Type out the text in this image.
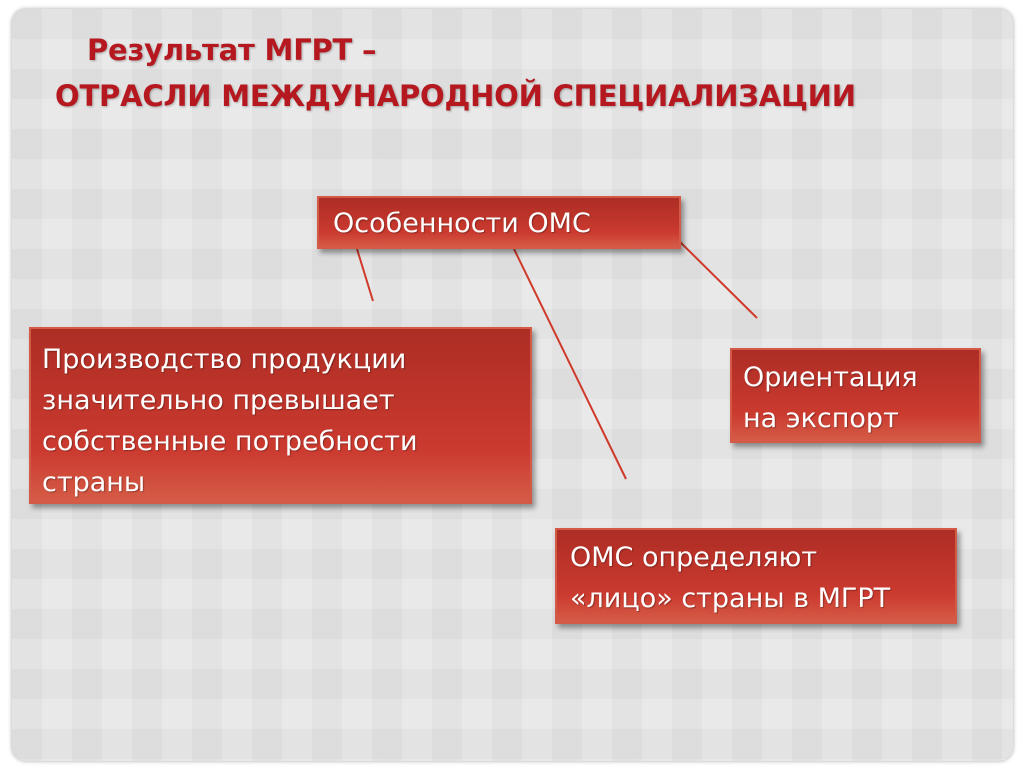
Результат МГРТ –
ОТРАСЛИ МЕЖДУНАРОДНОЙ СПЕЦИАЛИЗАЦИИ
Особенности ОМС
Производство продукции
значительно превышает
собственные потребности
страны
Ориентация
на экспорт
ОМС определяют
«лицо» страны в МГРТ
